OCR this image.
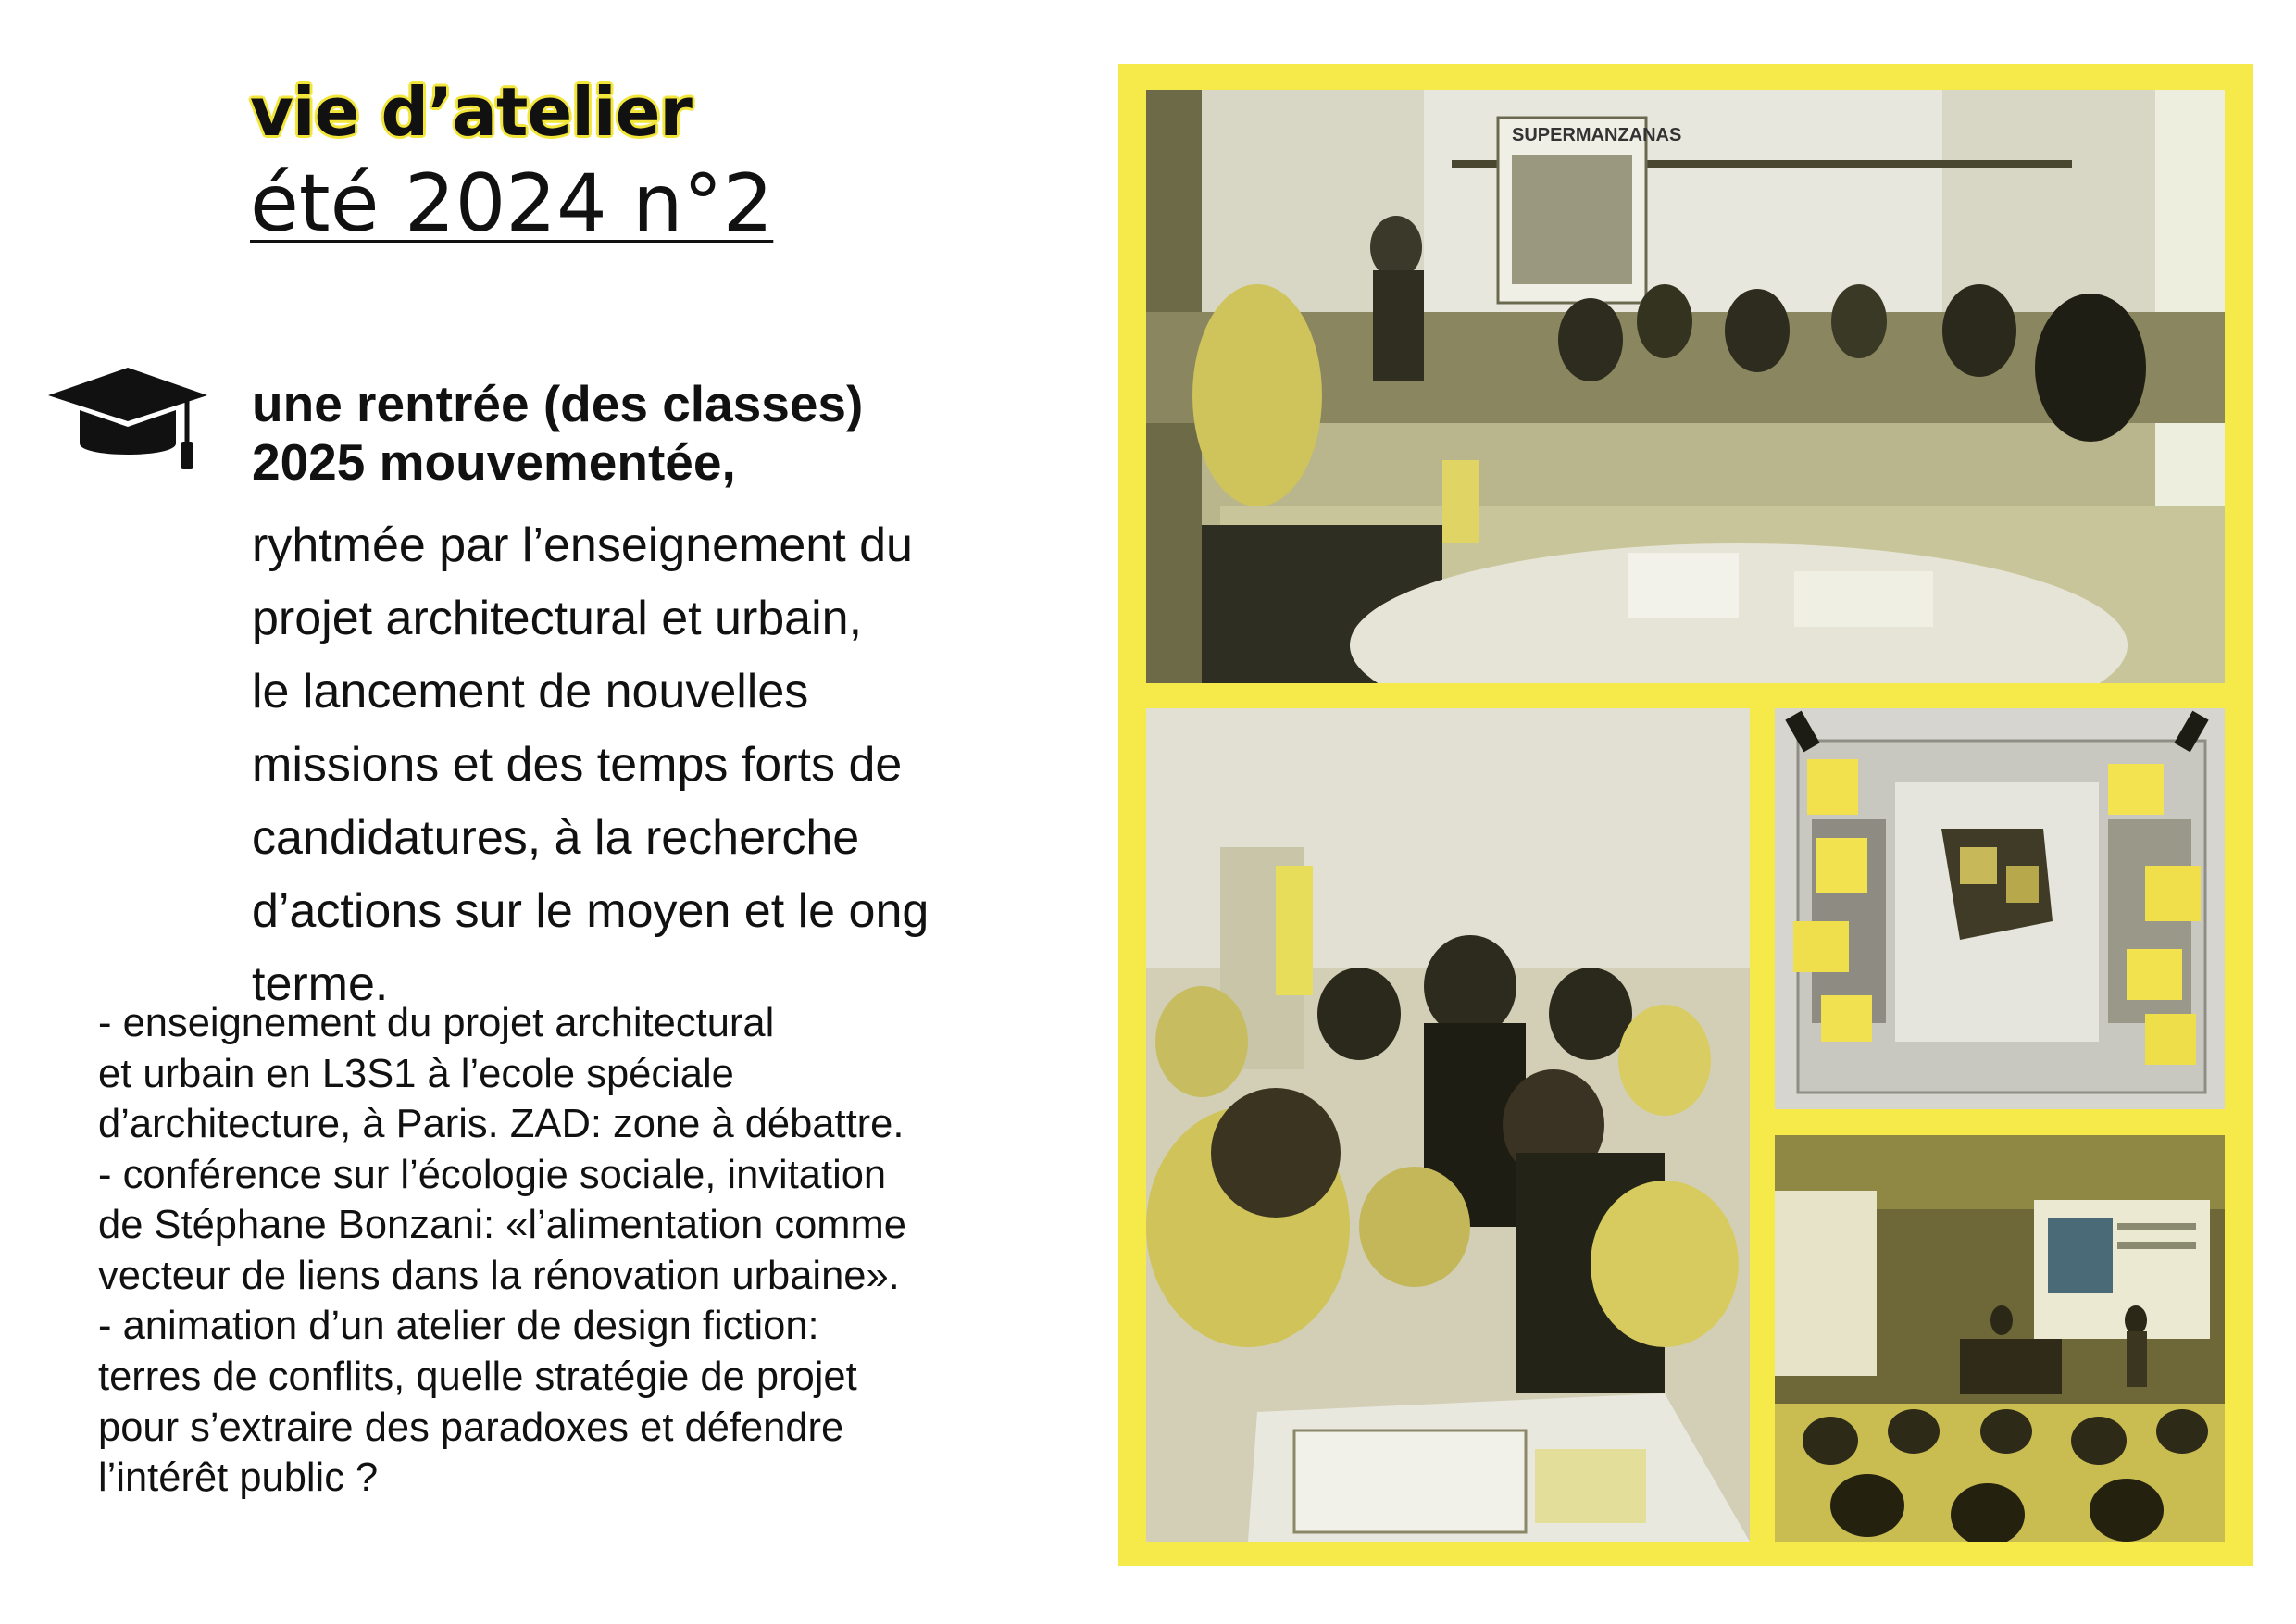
vie d’atelier
été 2024 n°2
une rentrée (des classes)
2025 mouvementée,
ryhtmée par l’enseignement du
projet architectural et urbain,
le lancement de nouvelles
missions et des temps forts de
candidatures, à la recherche
d’actions sur le moyen et le ong
terme.
- enseignement du projet architectural
et urbain en L3S1 à l’ecole spéciale
d’architecture, à Paris. ZAD: zone à débattre.
- conférence sur l’écologie sociale, invitation
de Stéphane Bonzani: «l’alimentation comme
vecteur de liens dans la rénovation urbaine».
- animation d’un atelier de design fiction:
terres de conflits, quelle stratégie de projet
pour s’extraire des paradoxes et défendre
l’intérêt public ?
SUPERMANZANAS
